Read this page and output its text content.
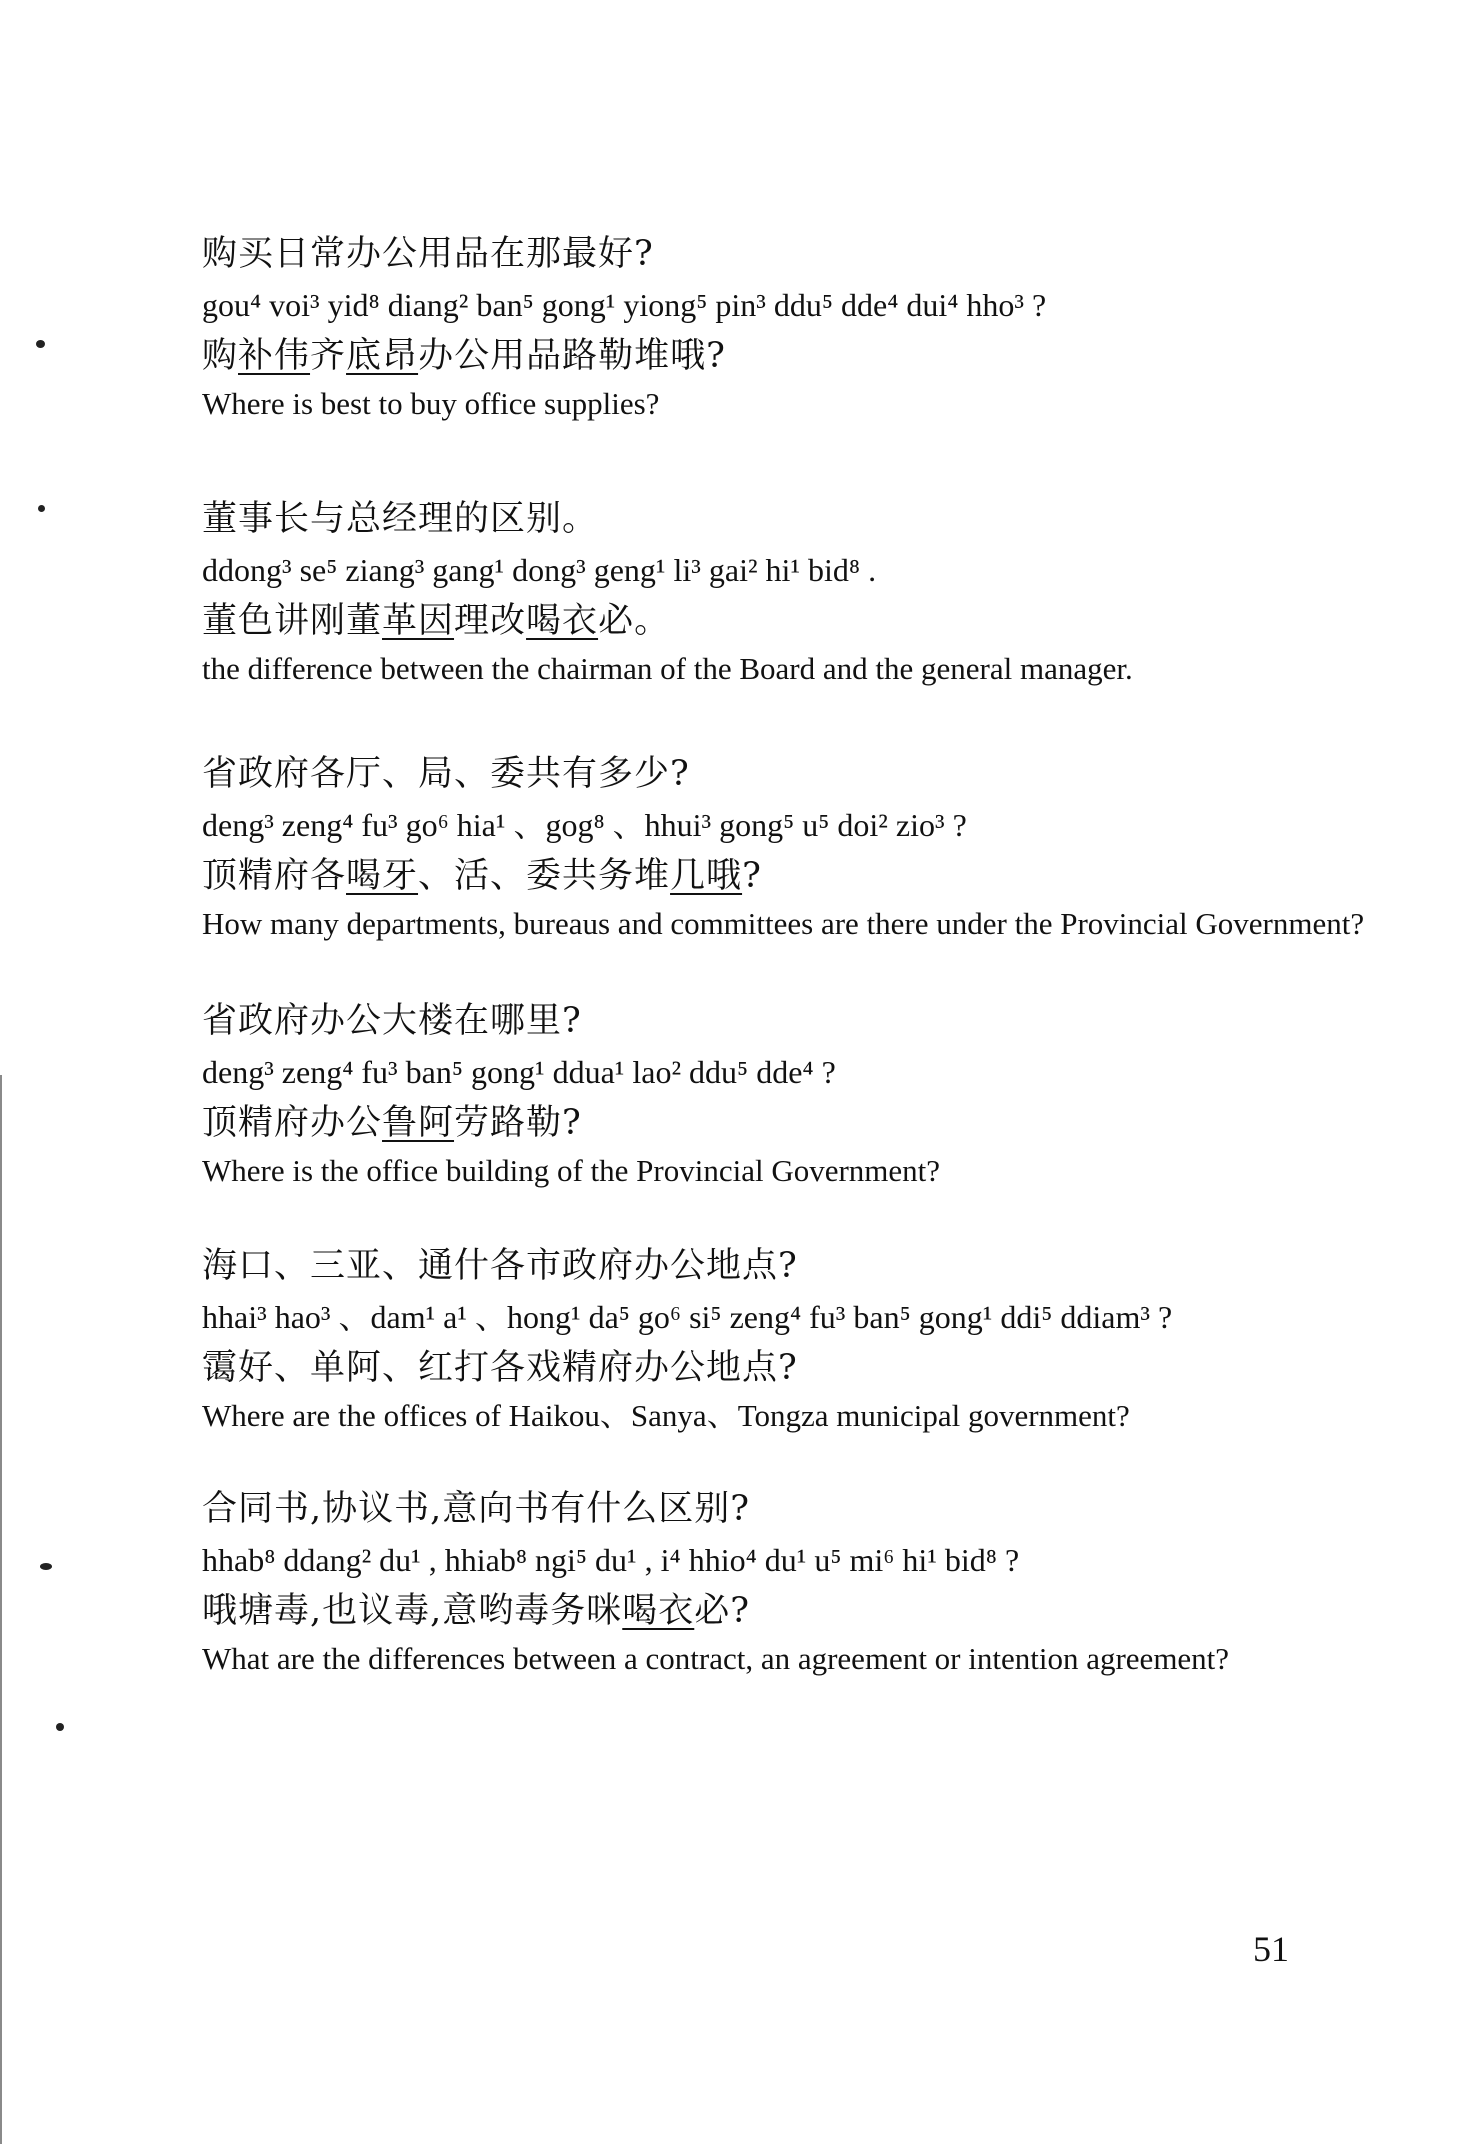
购买日常办公用品在那最好?
gou⁴ voi³ yid⁸ diang² ban⁵ gong¹ yiong⁵ pin³ ddu⁵ dde⁴ dui⁴ hho³ ?
购补伟齐底昂办公用品路勒堆哦?
Where is best to buy office supplies?
董事长与总经理的区别。
ddong³ se⁵ ziang³ gang¹ dong³ geng¹ li³ gai² hi¹ bid⁸ .
董色讲刚董革因理改喝衣必。
the difference between the chairman of the Board and the general manager.
省政府各厅、局、委共有多少?
deng³ zeng⁴ fu³ go⁶ hia¹ 、gog⁸ 、hhui³ gong⁵ u⁵ doi² zio³ ?
顶精府各喝牙、活、委共务堆几哦?
How many departments, bureaus and committees are there under the Provincial Government?
省政府办公大楼在哪里?
deng³ zeng⁴ fu³ ban⁵ gong¹ ddua¹ lao² ddu⁵ dde⁴ ?
顶精府办公鲁阿劳路勒?
Where is the office building of the Provincial Government?
海口、三亚、通什各市政府办公地点?
hhai³ hao³ 、dam¹ a¹ 、hong¹ da⁵ go⁶ si⁵ zeng⁴ fu³ ban⁵ gong¹ ddi⁵ ddiam³ ?
霭好、单阿、红打各戏精府办公地点?
Where are the offices of Haikou、Sanya、Tongza municipal government?
合同书,协议书,意向书有什么区别?
hhab⁸ ddang² du¹ , hhiab⁸ ngi⁵ du¹ , i⁴ hhio⁴ du¹ u⁵ mi⁶ hi¹ bid⁸ ?
哦塘毒,也议毒,意哟毒务咪喝衣必?
What are the differences between a contract, an agreement or intention agreement?
51
